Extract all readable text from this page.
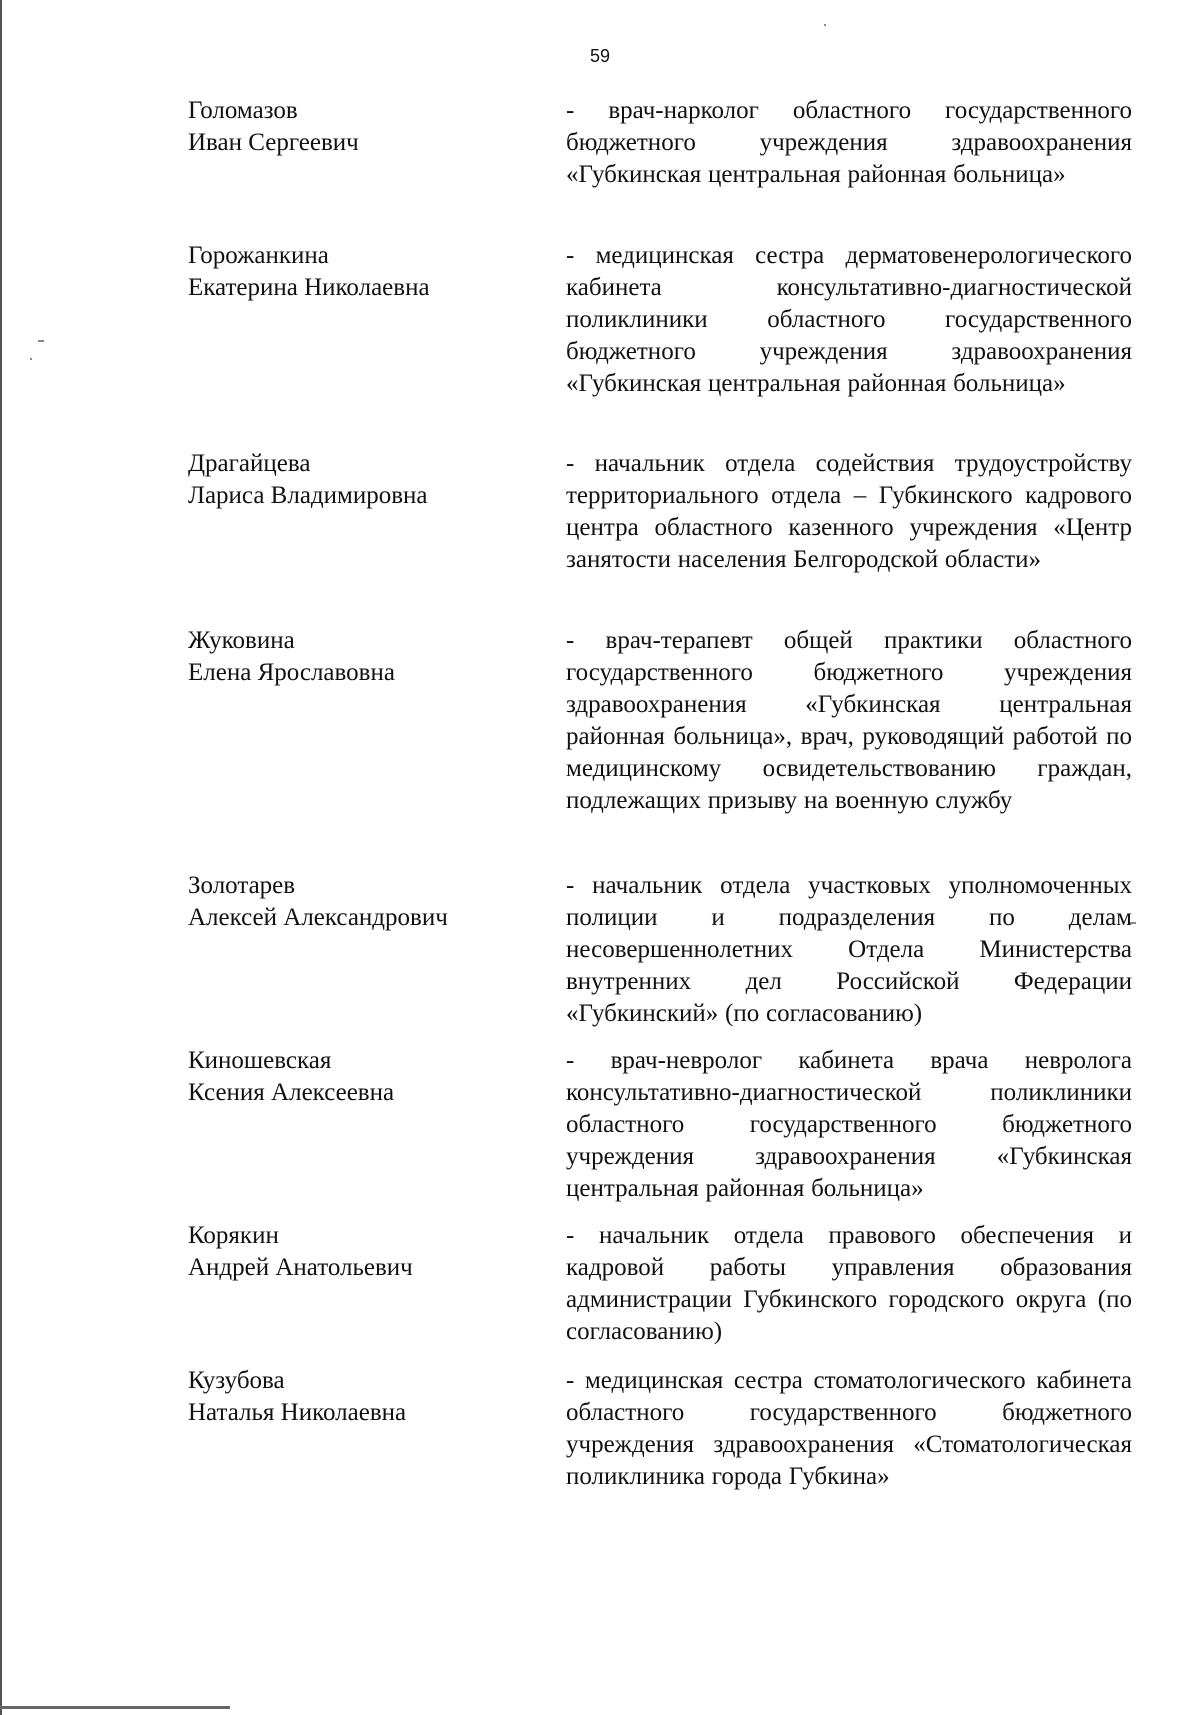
59
Голомазов
Иван Сергеевич
- врач-нарколог областного государственного бюджетного учреждения здравоохранения «Губкинская центральная районная больница»
Горожанкина
Екатерина Николаевна
- медицинская сестра дерматовенерологического кабинета консультативно-диагностической поликлиники областного государственного бюджетного учреждения здравоохранения «Губкинская центральная районная больница»
Драгайцева
Лариса Владимировна
- начальник отдела содействия трудоустройству территориального отдела – Губкинского кадрового центра областного казенного учреждения «Центр занятости населения Белгородской области»
Жуковина
Елена Ярославовна
- врач-терапевт общей практики областного государственного бюджетного учреждения здравоохранения «Губкинская центральная районная больница», врач, руководящий работой по медицинскому освидетельствованию граждан, подлежащих призыву на военную службу
Золотарев
Алексей Александрович
- начальник отдела участковых уполномоченных полиции и подразделения по делам несовершеннолетних Отдела Министерства внутренних дел Российской Федерации «Губкинский» (по согласованию)
Киношевская
Ксения Алексеевна
- врач-невролог кабинета врача невролога консультативно-диагностической поликлиники областного государственного бюджетного учреждения здравоохранения «Губкинская центральная районная больница»
Корякин
Андрей Анатольевич
- начальник отдела правового обеспечения и кадровой работы управления образования администрации Губкинского городского округа (по согласованию)
Кузубова
Наталья Николаевна
- медицинская сестра стоматологического кабинета областного государственного бюджетного учреждения здравоохранения «Стоматологическая поликлиника города Губкина»
